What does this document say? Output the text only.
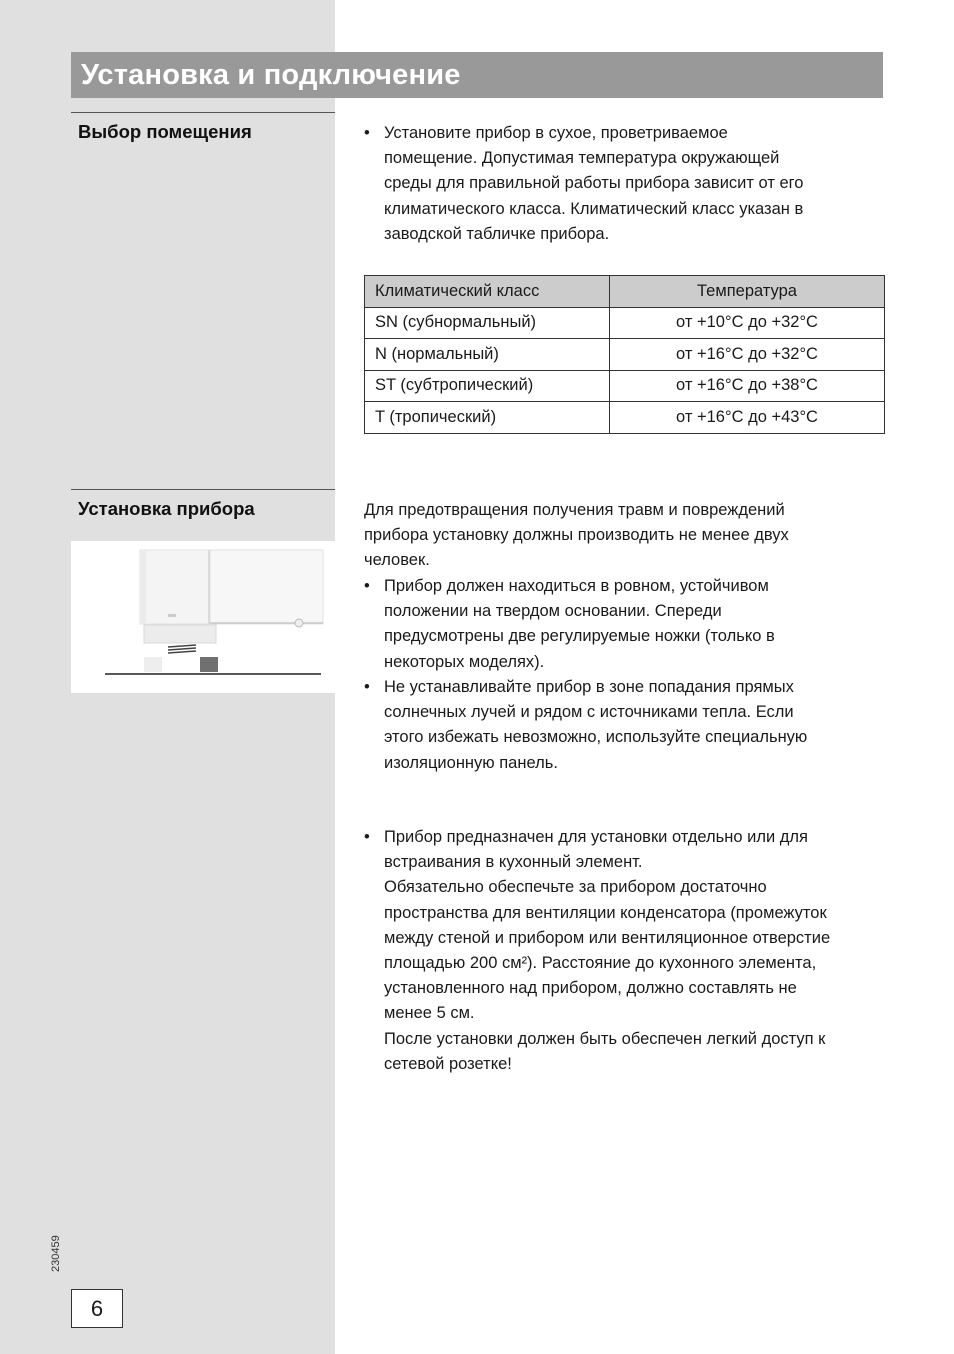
Установка и подключение
Выбор помещения	• Установите прибор в сухое, проветриваемое
помещение. Допустимая температура окружающей
среды для правильной работы прибора зависит от его
климатического класса. Климатический класс указан в
заводской табличке прибора.
Климатический класс	Температура
SN (субнормальный)	от +10°C до +32°C
N (нормальный)	от +16°C до +32°C
ST (субтропический)	от +16°C до +38°C
T (тропический)	от +16°C до +43°C
Установка прибора	Для предотвращения получения травм и повреждений
прибора установку должны производить не менее двух
человек.
• Прибор должен находиться в ровном, устойчивом
положении на твердом основании. Спереди
предусмотрены две регулируемые ножки (только в
некоторых моделях).
• Не устанавливайте прибор в зоне попадания прямых
солнечных лучей и рядом с источниками тепла. Если
этого избежать невозможно, используйте специальную
изоляционную панель.
• Прибор предназначен для установки отдельно или для
встраивания в кухонный элемент.
Обязательно обеспечьте за прибором достаточно
пространства для вентиляции конденсатора (промежуток
между стеной и прибором или вентиляционное отверстие
площадью 200 см²). Расстояние до кухонного элемента,
установленного над прибором, должно составлять не
менее 5 см.
После установки должен быть обеспечен легкий доступ к
сетевой розетке!
230459
6
